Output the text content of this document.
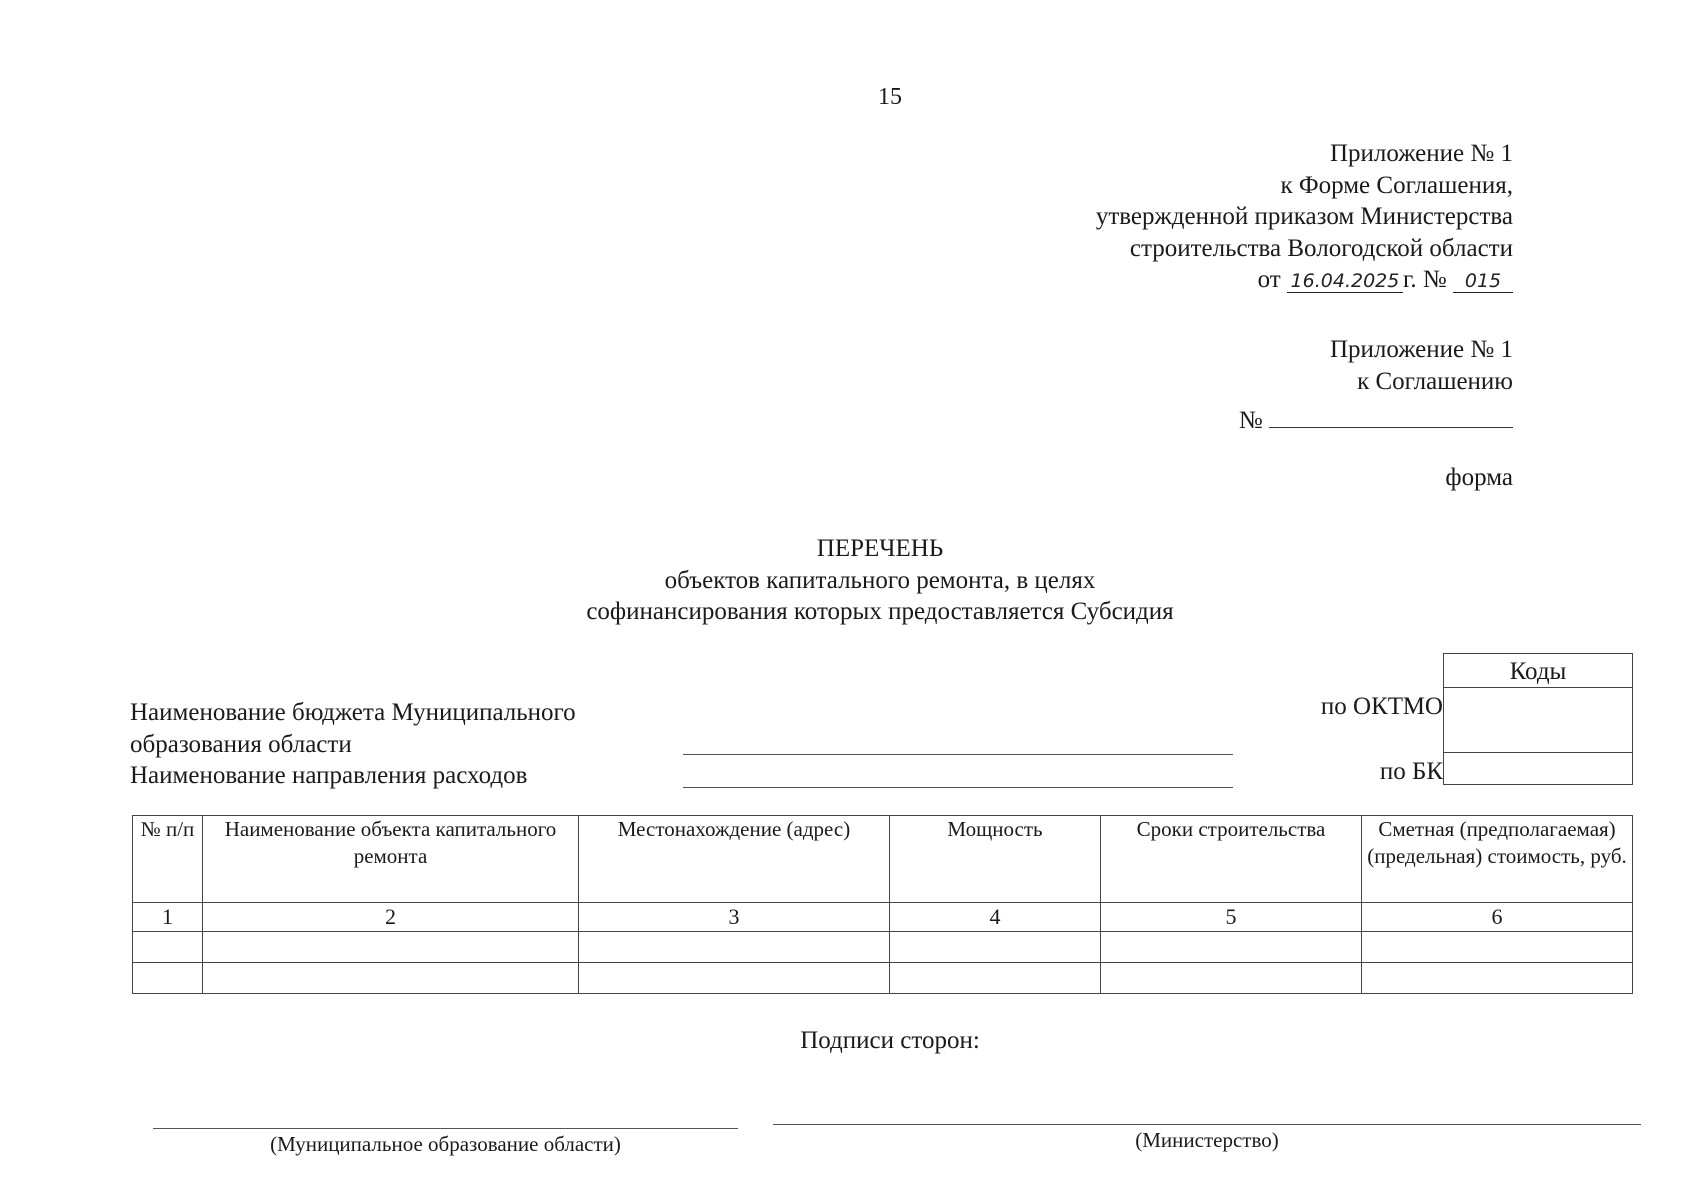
15
Приложение № 1
к Форме Соглашения,
утвержденной приказом Министерства
строительства Вологодской области
от 16.04.2025 г. № 015
Приложение № 1
к Соглашению
№
форма
ПЕРЕЧЕНЬ
объектов капитального ремонта, в целях
софинансирования которых предоставляется Субсидия
Наименование бюджета Муниципального
образования области
Наименование направления расходов
по ОКТМО
по БК
Коды
№ п/п	Наименование объекта капитального ремонта	Местонахождение (адрес)	Мощность	Сроки строительства	Сметная (предполагаемая) (предельная) стоимость, руб.
1	2	3	4	5	6

Подписи сторон:
(Муниципальное образование области)	(Министерство)
